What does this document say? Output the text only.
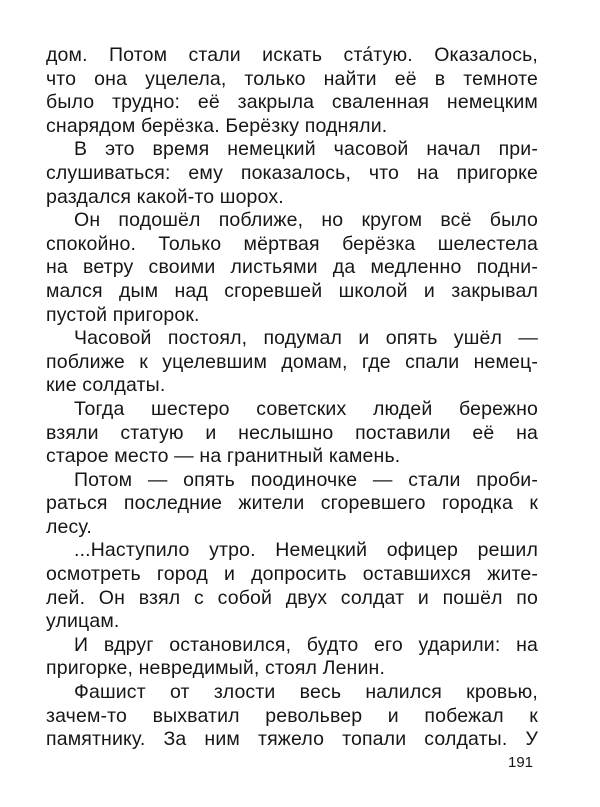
дом. Потом стали искать ста́тую. Оказалось,
что она уцелела, только найти её в темноте
было трудно: её закрыла сваленная немецким
снарядом берёзка. Берёзку подняли.
В это время немецкий часовой начал при-
слушиваться: ему показалось, что на пригорке
раздался какой-то шорох.
Он подошёл поближе, но кругом всё было
спокойно. Только мёртвая берёзка шелестела
на ветру своими листьями да медленно подни-
мался дым над сгоревшей школой и закрывал
пустой пригорок.
Часовой постоял, подумал и опять ушёл —
поближе к уцелевшим домам, где спали немец-
кие солдаты.
Тогда шестеро советских людей бережно
взяли статую и неслышно поставили её на
старое место — на гранитный камень.
Потом — опять поодиночке — стали проби-
раться последние жители сгоревшего городка к
лесу.
...Наступило утро. Немецкий офицер решил
осмотреть город и допросить оставшихся жите-
лей. Он взял с собой двух солдат и пошёл по
улицам.
И вдруг остановился, будто его ударили: на
пригорке, невредимый, стоял Ленин.
Фашист от злости весь налился кровью,
зачем-то выхватил револьвер и побежал к
памятнику. За ним тяжело топали солдаты. У
191
